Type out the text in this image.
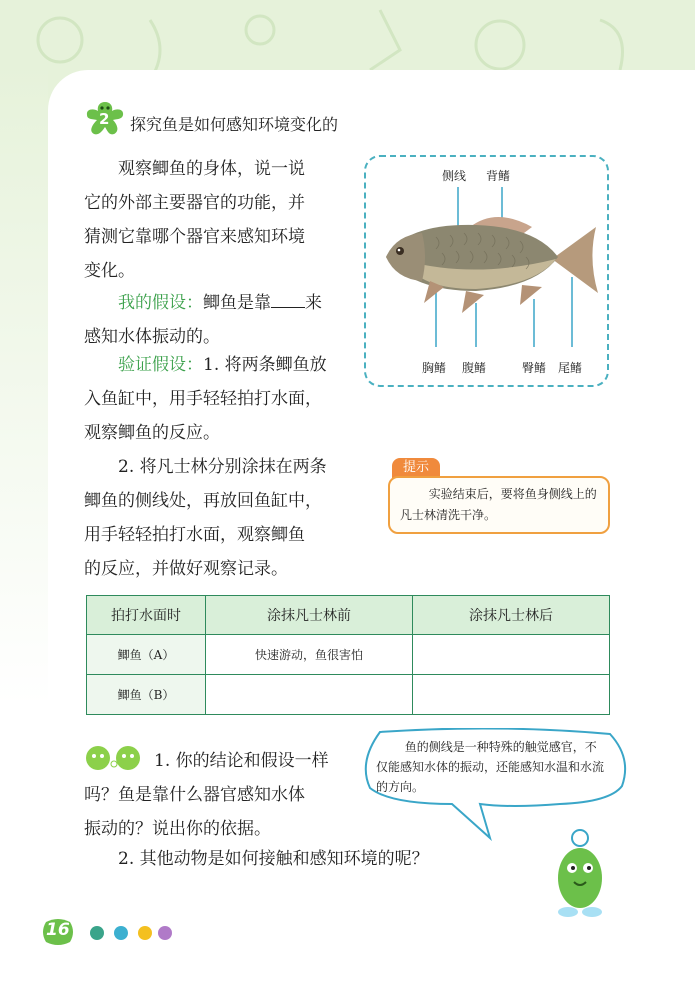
2 探究鱼是如何感知环境变化的
观察鲫鱼的身体，说一说
它的外部主要器官的功能，并
猜测它靠哪个器官来感知环境
变化。
我的假设：鲫鱼是靠 来
感知水体振动的。
验证假设：1. 将两条鲫鱼放
入鱼缸中，用手轻轻拍打水面，
观察鲫鱼的反应。
2. 将凡士林分别涂抹在两条
鲫鱼的侧线处，再放回鱼缸中，
用手轻轻拍打水面，观察鲫鱼
的反应，并做好观察记录。
侧线 背鳍
胸鳍 腹鳍	臀鳍 尾鳍
提示
实验结束后，要将鱼身侧线上的凡士林清洗干净。
拍打水面时	涂抹凡士林前	涂抹凡士林后
鲫鱼（A）	快速游动，鱼很害怕	
鲫鱼（B）		
1. 你的结论和假设一样
吗？鱼是靠什么器官感知水体
振动的？说出你的依据。
鱼的侧线是一种特殊的触觉感官，不仅能感知水体的振动，还能感知水温和水流的方向。
2. 其他动物是如何接触和感知环境的呢？
16
